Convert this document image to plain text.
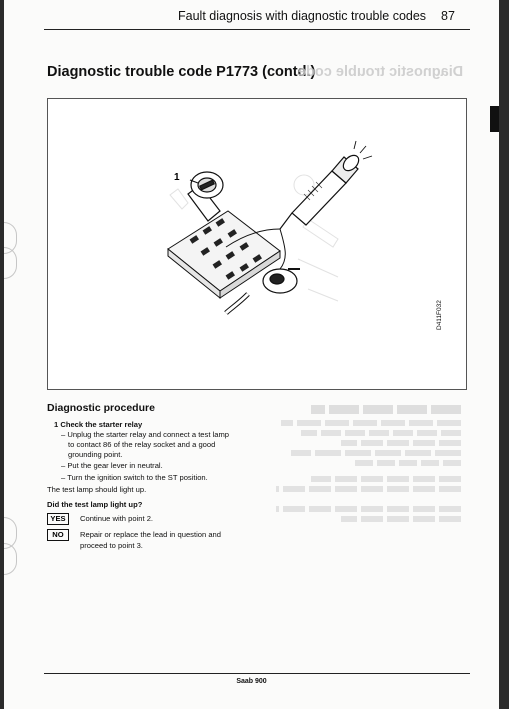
Fault diagnosis with diagnostic trouble codes 87
Diagnostic trouble code P1773 (contd.)
Diagnostic trouble code
1
D411F032
Diagnostic procedure
1 Check the starter relay
– Unplug the starter relay and connect a test lamp
to contact 86 of the relay socket and a good
grounding point.
– Put the gear lever in neutral.
– Turn the ignition switch to the ST position.
The test lamp should light up.
Did the test lamp light up?
YES	Continue with point 2.
NO	Repair or replace the lead in question and
proceed to point 3.
Saab 900
